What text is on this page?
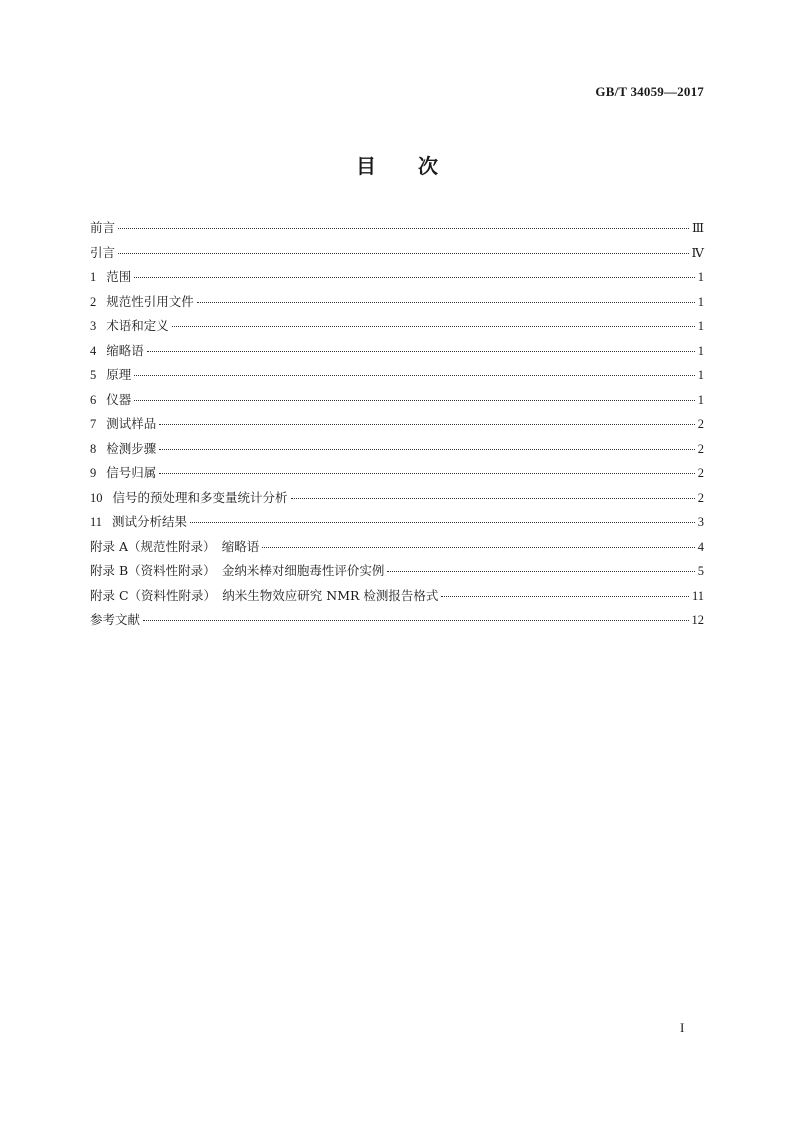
GB/T 34059—2017
目次
前言	Ⅲ
引言	Ⅳ
1 范围	1
2 规范性引用文件	1
3 术语和定义	1
4 缩略语	1
5 原理	1
6 仪器	1
7 测试样品	2
8 检测步骤	2
9 信号归属	2
10 信号的预处理和多变量统计分析	2
11 测试分析结果	3
附录 A（规范性附录）　缩略语	4
附录 B（资料性附录）　金纳米棒对细胞毒性评价实例	5
附录 C（资料性附录）　纳米生物效应研究 NMR 检测报告格式	11
参考文献	12
I
